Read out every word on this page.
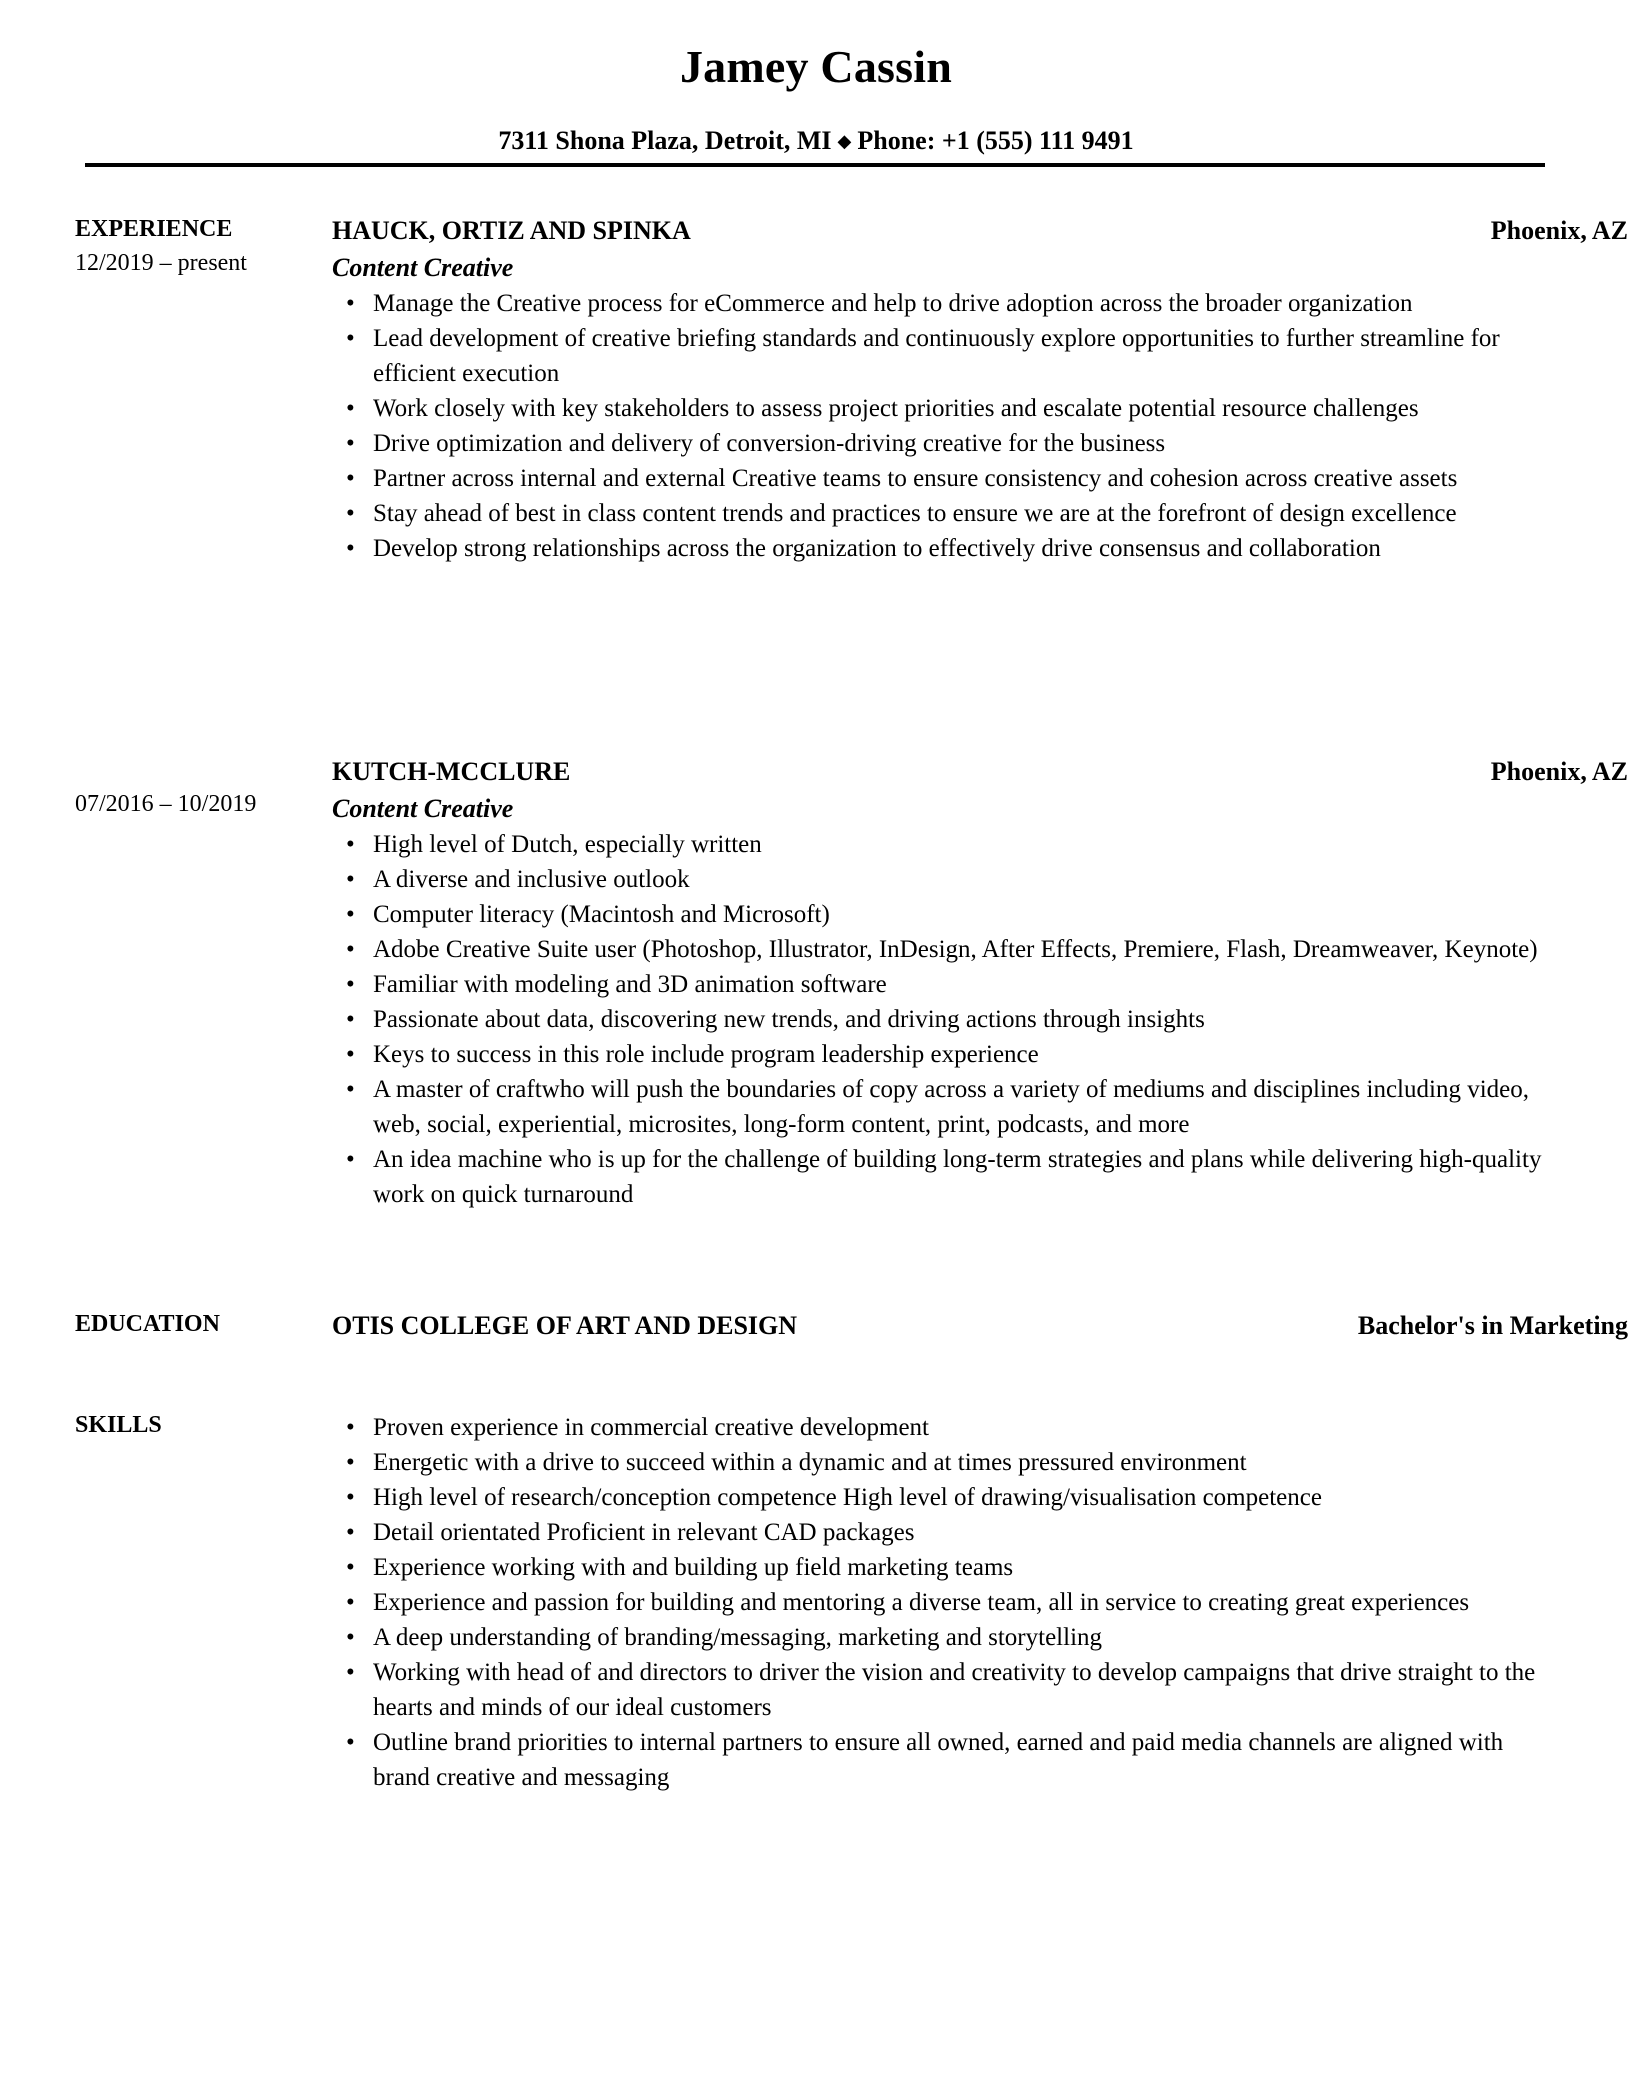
Jamey Cassin
7311 Shona Plaza, Detroit, MI ◆ Phone: +1 (555) 111 9491
EXPERIENCE
12/2019 – present
HAUCK, ORTIZ AND SPINKA	Phoenix, AZ
Content Creative
• Manage the Creative process for eCommerce and help to drive adoption across the broader organization
• Lead development of creative briefing standards and continuously explore opportunities to further streamline for efficient execution
• Work closely with key stakeholders to assess project priorities and escalate potential resource challenges
• Drive optimization and delivery of conversion-driving creative for the business
• Partner across internal and external Creative teams to ensure consistency and cohesion across creative assets
• Stay ahead of best in class content trends and practices to ensure we are at the forefront of design excellence
• Develop strong relationships across the organization to effectively drive consensus and collaboration
07/2016 – 10/2019
KUTCH-MCCLURE	Phoenix, AZ
Content Creative
• High level of Dutch, especially written
• A diverse and inclusive outlook
• Computer literacy (Macintosh and Microsoft)
• Adobe Creative Suite user (Photoshop, Illustrator, InDesign, After Effects, Premiere, Flash, Dreamweaver, Keynote)
• Familiar with modeling and 3D animation software
• Passionate about data, discovering new trends, and driving actions through insights
• Keys to success in this role include program leadership experience
• A master of craftwho will push the boundaries of copy across a variety of mediums and disciplines including video, web, social, experiential, microsites, long-form content, print, podcasts, and more
• An idea machine who is up for the challenge of building long-term strategies and plans while delivering high-quality work on quick turnaround
EDUCATION	OTIS COLLEGE OF ART AND DESIGN	Bachelor's in Marketing
SKILLS	• Proven experience in commercial creative development
• Energetic with a drive to succeed within a dynamic and at times pressured environment
• High level of research/conception competence High level of drawing/visualisation competence
• Detail orientated Proficient in relevant CAD packages
• Experience working with and building up field marketing teams
• Experience and passion for building and mentoring a diverse team, all in service to creating great experiences
• A deep understanding of branding/messaging, marketing and storytelling
• Working with head of and directors to driver the vision and creativity to develop campaigns that drive straight to the hearts and minds of our ideal customers
• Outline brand priorities to internal partners to ensure all owned, earned and paid media channels are aligned with brand creative and messaging
